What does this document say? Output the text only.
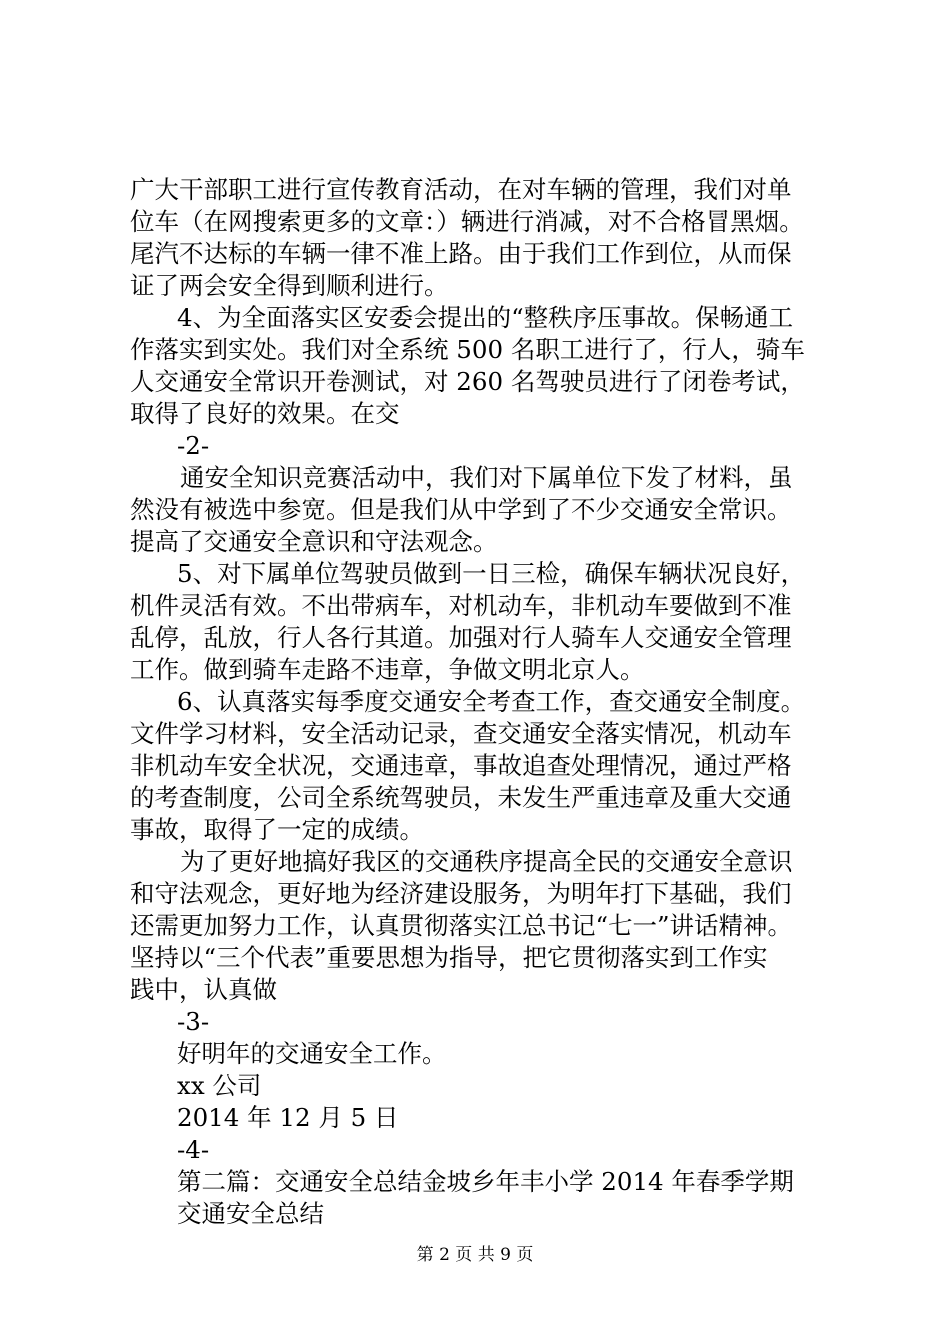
广大干部职工进行宣传教育活动，在对车辆的管理，我们对单
位车（在网搜索更多的文章：）辆进行消减，对不合格冒黑烟。
尾汽不达标的车辆一律不准上路。由于我们工作到位，从而保
证了两会安全得到顺利进行。
4、为全面落实区安委会提出的“整秩序压事故。保畅通工
作落实到实处。我们对全系统 500 名职工进行了，行人，骑车
人交通安全常识开卷测试，对 260 名驾驶员进行了闭卷考试，
取得了良好的效果。在交
-2-
通安全知识竞赛活动中，我们对下属单位下发了材料，虽
然没有被选中参宽。但是我们从中学到了不少交通安全常识。
提高了交通安全意识和守法观念。
5、对下属单位驾驶员做到一日三检，确保车辆状况良好，
机件灵活有效。不出带病车，对机动车，非机动车要做到不准
乱停，乱放，行人各行其道。加强对行人骑车人交通安全管理
工作。做到骑车走路不违章，争做文明北京人。
6、认真落实每季度交通安全考查工作，查交通安全制度。
文件学习材料，安全活动记录，查交通安全落实情况，机动车
非机动车安全状况，交通违章，事故追查处理情况，通过严格
的考查制度，公司全系统驾驶员，未发生严重违章及重大交通
事故，取得了一定的成绩。
为了更好地搞好我区的交通秩序提高全民的交通安全意识
和守法观念，更好地为经济建设服务，为明年打下基础，我们
还需更加努力工作，认真贯彻落实江总书记“七一”讲话精神。
坚持以“三个代表”重要思想为指导，把它贯彻落实到工作实
践中，认真做
-3-
好明年的交通安全工作。
xx 公司
2014 年 12 月 5 日
-4-
第二篇：交通安全总结金坡乡年丰小学 2014 年春季学期
交通安全总结
第 2 页 共 9 页
